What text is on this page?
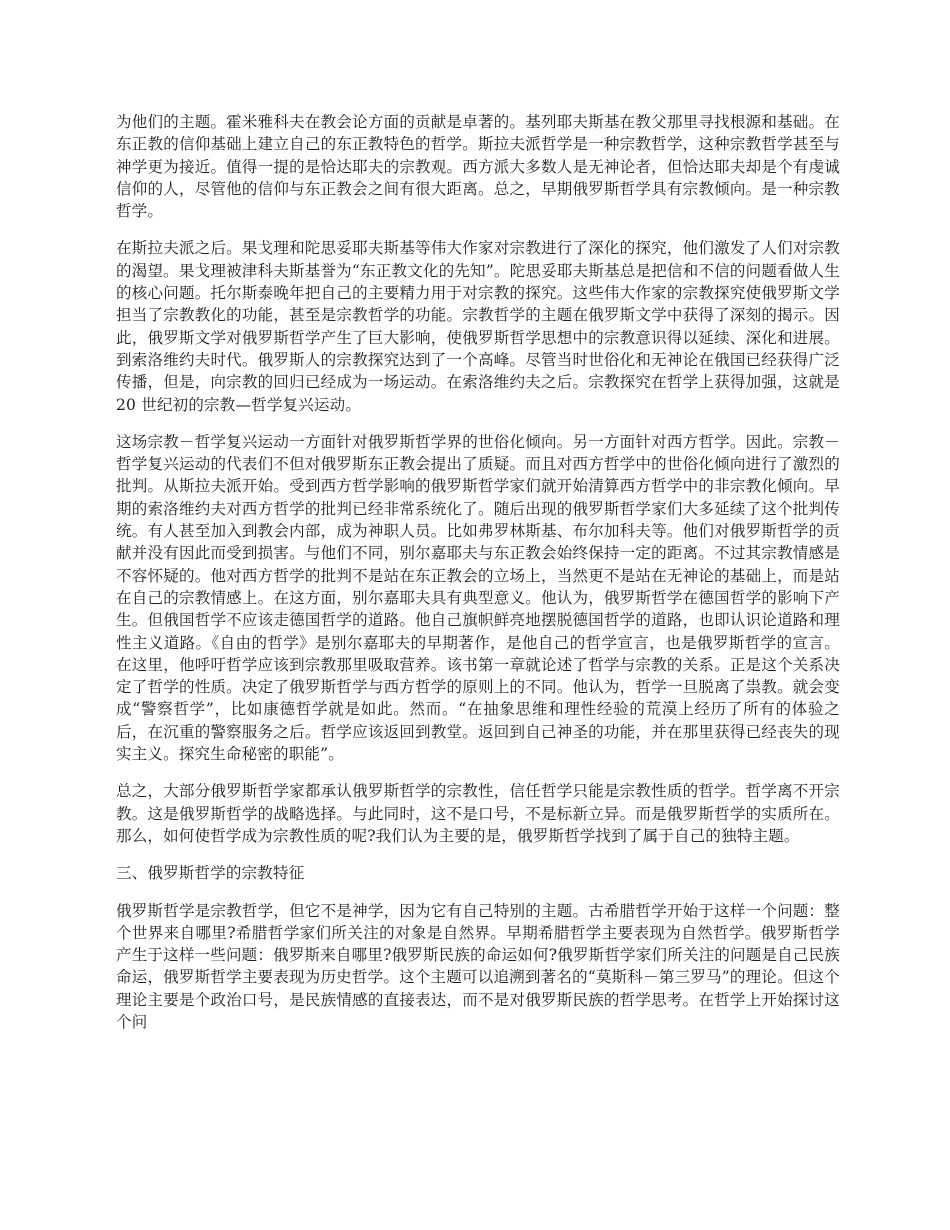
为他们的主题。霍米雅科夫在教会论方面的贡献是卓著的。基列耶夫斯基在教父那里寻找根源和基础。在东正教的信仰基础上建立自己的东正教特色的哲学。斯拉夫派哲学是一种宗教哲学，这种宗教哲学甚至与神学更为接近。值得一提的是恰达耶夫的宗教观。西方派大多数人是无神论者，但恰达耶夫却是个有虔诚信仰的人，尽管他的信仰与东正教会之间有很大距离。总之，早期俄罗斯哲学具有宗教倾向。是一种宗教哲学。

在斯拉夫派之后。果戈理和陀思妥耶夫斯基等伟大作家对宗教进行了深化的探究，他们激发了人们对宗教的渴望。果戈理被津科夫斯基誉为“东正教文化的先知”。陀思妥耶夫斯基总是把信和不信的问题看做人生的核心问题。托尔斯泰晚年把自己的主要精力用于对宗教的探究。这些伟大作家的宗教探究使俄罗斯文学担当了宗教教化的功能，甚至是宗教哲学的功能。宗教哲学的主题在俄罗斯文学中获得了深刻的揭示。因此，俄罗斯文学对俄罗斯哲学产生了巨大影响，使俄罗斯哲学思想中的宗教意识得以延续、深化和进展。到索洛维约夫时代。俄罗斯人的宗教探究达到了一个高峰。尽管当时世俗化和无神论在俄国已经获得广泛传播，但是，向宗教的回归已经成为一场运动。在索洛维约夫之后。宗教探究在哲学上获得加强，这就是 20 世纪初的宗教—哲学复兴运动。

这场宗教－哲学复兴运动一方面针对俄罗斯哲学界的世俗化倾向。另一方面针对西方哲学。因此。宗教－哲学复兴运动的代表们不但对俄罗斯东正教会提出了质疑。而且对西方哲学中的世俗化倾向进行了激烈的批判。从斯拉夫派开始。受到西方哲学影响的俄罗斯哲学家们就开始清算西方哲学中的非宗教化倾向。早期的索洛维约夫对西方哲学的批判已经非常系统化了。随后出现的俄罗斯哲学家们大多延续了这个批判传统。有人甚至加入到教会内部，成为神职人员。比如弗罗林斯基、布尔加科夫等。他们对俄罗斯哲学的贡献并没有因此而受到损害。与他们不同，别尔嘉耶夫与东正教会始终保持一定的距离。不过其宗教情感是不容怀疑的。他对西方哲学的批判不是站在东正教会的立场上，当然更不是站在无神论的基础上，而是站在自己的宗教情感上。在这方面，别尔嘉耶夫具有典型意义。他认为，俄罗斯哲学在德国哲学的影响下产生。但俄国哲学不应该走德国哲学的道路。他自己旗帜鲜亮地摆脱德国哲学的道路，也即认识论道路和理性主义道路。《自由的哲学》是别尔嘉耶夫的早期著作，是他自己的哲学宣言，也是俄罗斯哲学的宣言。在这里，他呼吁哲学应该到宗教那里吸取营养。该书第一章就论述了哲学与宗教的关系。正是这个关系决定了哲学的性质。决定了俄罗斯哲学与西方哲学的原则上的不同。他认为，哲学一旦脱离了祟教。就会变成“警察哲学”，比如康德哲学就是如此。然而。“在抽象思维和理性经验的荒漠上经历了所有的体验之后，在沉重的警察服务之后。哲学应该返回到教堂。返回到自己神圣的功能，并在那里获得已经丧失的现实主义。探究生命秘密的职能”。

总之，大部分俄罗斯哲学家都承认俄罗斯哲学的宗教性，信任哲学只能是宗教性质的哲学。哲学离不开宗教。这是俄罗斯哲学的战略选择。与此同时，这不是口号，不是标新立异。而是俄罗斯哲学的实质所在。那么，如何使哲学成为宗教性质的呢?我们认为主要的是，俄罗斯哲学找到了属于自己的独特主题。

三、俄罗斯哲学的宗教特征

俄罗斯哲学是宗教哲学，但它不是神学，因为它有自己特别的主题。古希腊哲学开始于这样一个问题：整个世界来自哪里?希腊哲学家们所关注的对象是自然界。早期希腊哲学主要表现为自然哲学。俄罗斯哲学产生于这样一些问题：俄罗斯来自哪里?俄罗斯民族的命运如何?俄罗斯哲学家们所关注的问题是自己民族命运，俄罗斯哲学主要表现为历史哲学。这个主题可以追溯到著名的“莫斯科－第三罗马”的理论。但这个理论主要是个政治口号，是民族情感的直接表达，而不是对俄罗斯民族的哲学思考。在哲学上开始探讨这个问
